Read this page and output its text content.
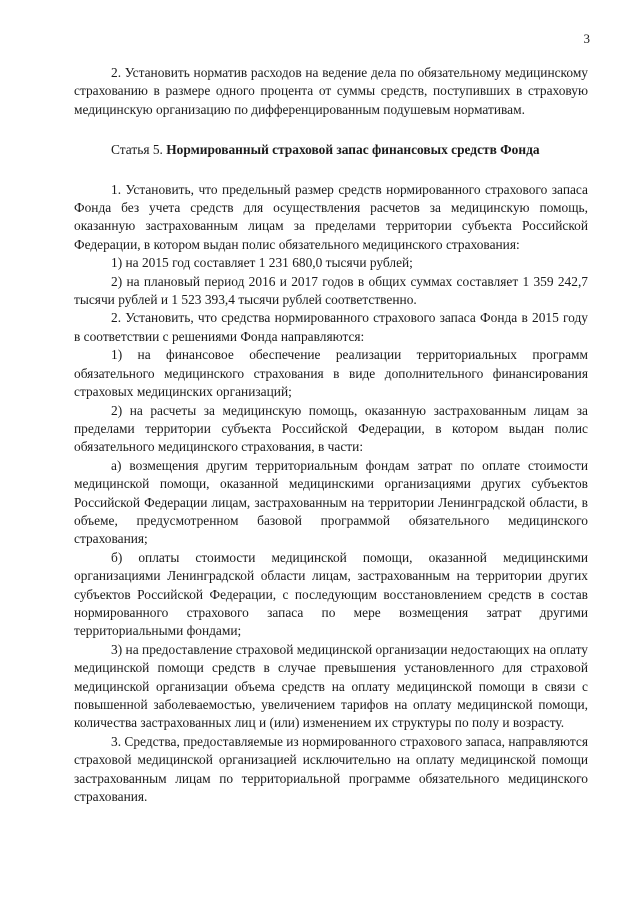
3

2. Установить норматив расходов на ведение дела по обязательному медицинскому страхованию в размере одного процента от суммы средств, поступивших в страховую медицинскую организацию по дифференцированным подушевым нормативам.

Статья 5. Нормированный страховой запас финансовых средств Фонда

1. Установить, что предельный размер средств нормированного страхового запаса Фонда без учета средств для осуществления расчетов за медицинскую помощь, оказанную застрахованным лицам за пределами территории субъекта Российской Федерации, в котором выдан полис обязательного медицинского страхования:

1) на 2015 год составляет 1 231 680,0 тысячи рублей;

2) на плановый период 2016 и 2017 годов в общих суммах составляет 1 359 242,7 тысячи рублей и 1 523 393,4 тысячи рублей соответственно.

2. Установить, что средства нормированного страхового запаса Фонда в 2015 году в соответствии с решениями Фонда направляются:

1) на финансовое обеспечение реализации территориальных программ обязательного медицинского страхования в виде дополнительного финансирования страховых медицинских организаций;

2) на расчеты за медицинскую помощь, оказанную застрахованным лицам за пределами территории субъекта Российской Федерации, в котором выдан полис обязательного медицинского страхования, в части:

а) возмещения другим территориальным фондам затрат по оплате стоимости медицинской помощи, оказанной медицинскими организациями других субъектов Российской Федерации лицам, застрахованным на территории Ленинградской области, в объеме, предусмотренном базовой программой обязательного медицинского страхования;

б) оплаты стоимости медицинской помощи, оказанной медицинскими организациями Ленинградской области лицам, застрахованным на территории других субъектов Российской Федерации, с последующим восстановлением средств в состав нормированного страхового запаса по мере возмещения затрат другими территориальными фондами;

3) на предоставление страховой медицинской организации недостающих на оплату медицинской помощи средств в случае превышения установленного для страховой медицинской организации объема средств на оплату медицинской помощи в связи с повышенной заболеваемостью, увеличением тарифов на оплату медицинской помощи, количества застрахованных лиц и (или) изменением их структуры по полу и возрасту.

3. Средства, предоставляемые из нормированного страхового запаса, направляются страховой медицинской организацией исключительно на оплату медицинской помощи застрахованным лицам по территориальной программе обязательного медицинского страхования.
